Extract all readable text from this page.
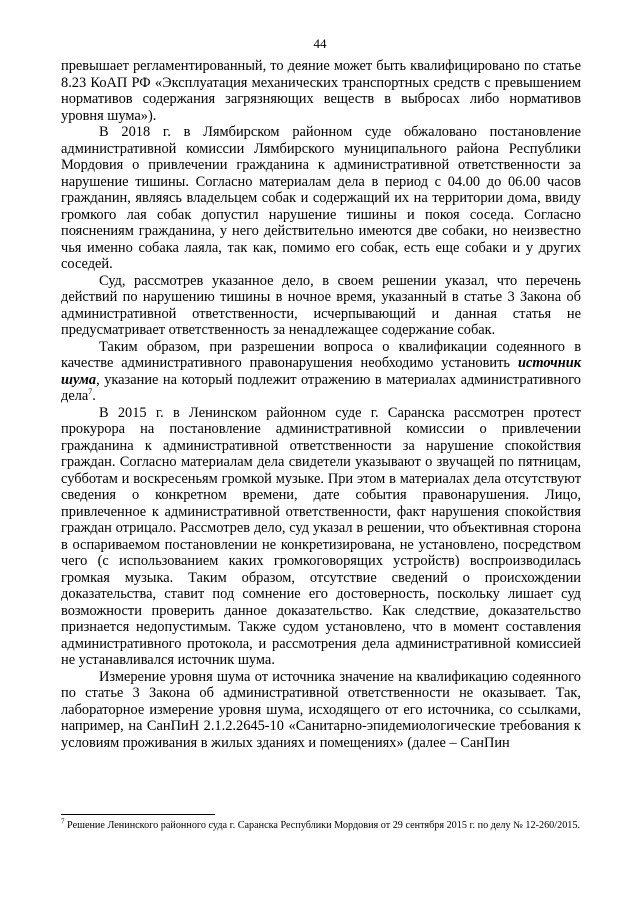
44

превышает регламентированный, то деяние может быть квалифицировано по статье 8.23 КоАП РФ «Эксплуатация механических транспортных средств с превышением нормативов содержания загрязняющих веществ в выбросах либо нормативов уровня шума»).

В 2018 г. в Лямбирском районном суде обжаловано постановление административной комиссии Лямбирского муниципального района Республики Мордовия о привлечении гражданина к административной ответственности за нарушение тишины. Согласно материалам дела в период с 04.00 до 06.00 часов гражданин, являясь владельцем собак и содержащий их на территории дома, ввиду громкого лая собак допустил нарушение тишины и покоя соседа. Согласно пояснениям гражданина, у него действительно имеются две собаки, но неизвестно чья именно собака лаяла, так как, помимо его собак, есть еще собаки и у других соседей.

Суд, рассмотрев указанное дело, в своем решении указал, что перечень действий по нарушению тишины в ночное время, указанный в статье 3 Закона об административной ответственности, исчерпывающий и данная статья не предусматривает ответственность за ненадлежащее содержание собак.

Таким образом, при разрешении вопроса о квалификации содеянного в качестве административного правонарушения необходимо установить источник шума, указание на который подлежит отражению в материалах административного дела$^7$.

В 2015 г. в Ленинском районном суде г. Саранска рассмотрен протест прокурора на постановление административной комиссии о привлечении гражданина к административной ответственности за нарушение спокойствия граждан. Согласно материалам дела свидетели указывают о звучащей по пятницам, субботам и воскресеньям громкой музыке. При этом в материалах дела отсутствуют сведения о конкретном времени, дате события правонарушения. Лицо, привлеченное к административной ответственности, факт нарушения спокойствия граждан отрицало. Рассмотрев дело, суд указал в решении, что объективная сторона в оспариваемом постановлении не конкретизирована, не установлено, посредством чего (с использованием каких громкоговорящих устройств) воспроизводилась громкая музыка. Таким образом, отсутствие сведений о происхождении доказательства, ставит под сомнение его достоверность, поскольку лишает суд возможности проверить данное доказательство. Как следствие, доказательство признается недопустимым. Также судом установлено, что в момент составления административного протокола, и рассмотрения дела административной комиссией не устанавливался источник шума.

Измерение уровня шума от источника значение на квалификацию содеянного по статье 3 Закона об административной ответственности не оказывает. Так, лабораторное измерение уровня шума, исходящего от его источника, со ссылками, например, на СанПиН 2.1.2.2645-10 «Санитарно-эпидемиологические требования к условиям проживания в жилых зданиях и помещениях» (далее – СанПин

$^7$ Решение Ленинского районного суда г. Саранска Республики Мордовия от 29 сентября 2015 г. по делу № 12-260/2015.
